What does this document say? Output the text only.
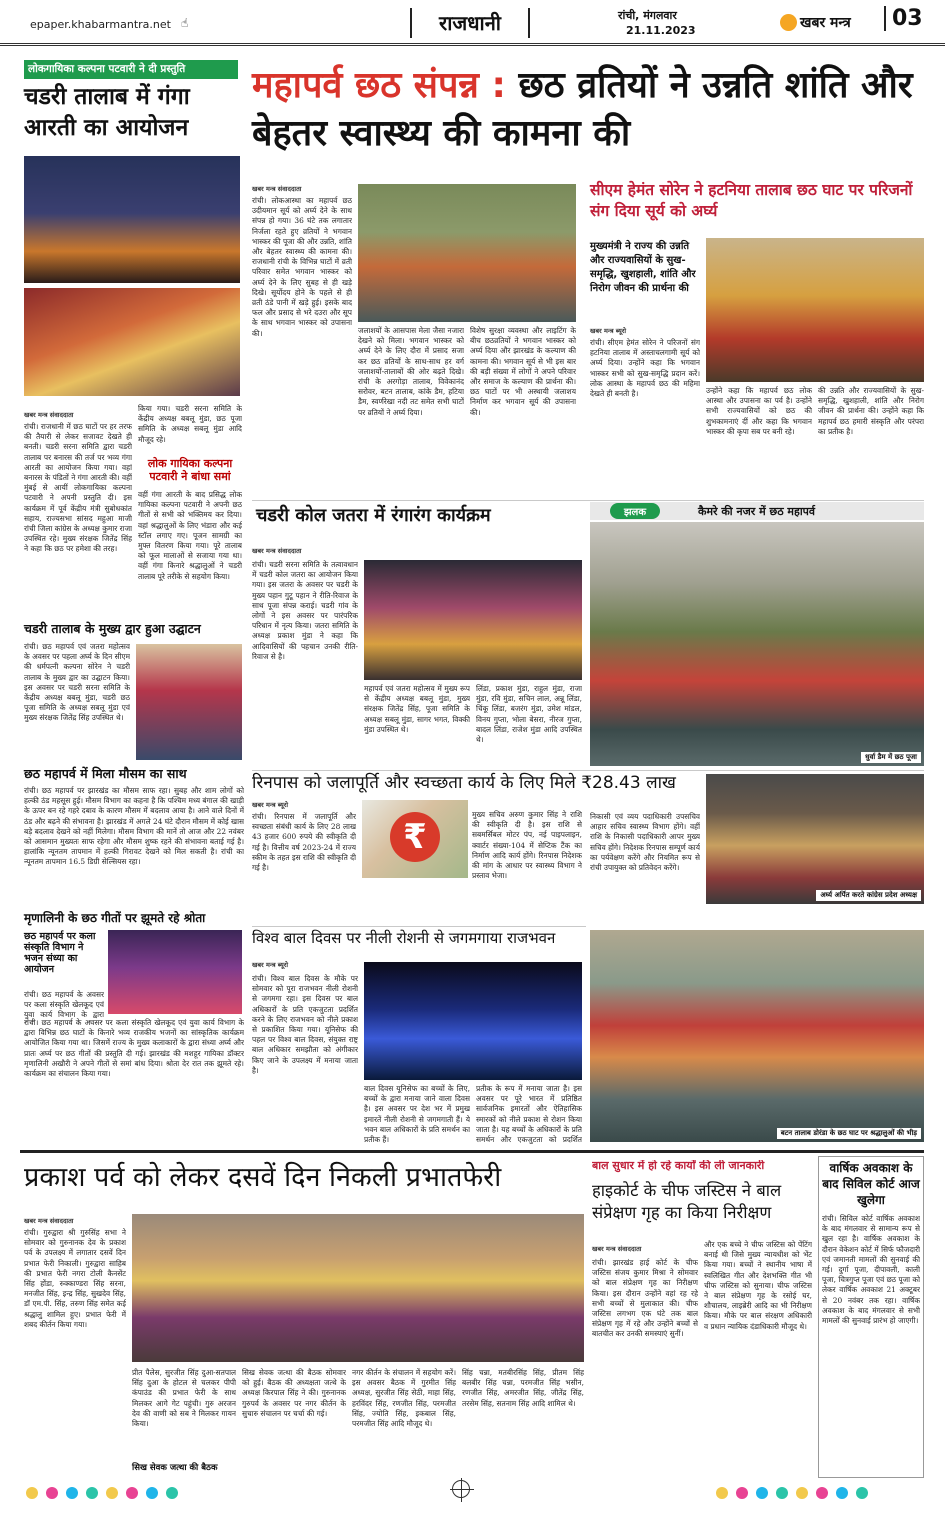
epaper.khabarmantra.net ☝	राजधानी	रांची, मंगलवार
21.11.2023	खबर मन्त्र	03
लोकगायिका कल्पना पटवारी ने दी प्रस्तुति
चडरी तालाब में गंगा आरती का आयोजन
खबर मन्त्र संवाददाता
रांची। राजधानी में छठ घाटों पर हर तरफ की तैयारी से लेकर सजावट देखते ही बनती। चडरी सरना समिति द्वारा चडरी तालाब पर बनारस की तर्ज पर भव्य गंगा आरती का आयोजन किया गया। वहां बनारस के पंडितों ने गंगा आरती की। वहीं मुंबई से आयीं लोकगायिका कल्पना पटवारी ने अपनी प्रस्तुति दी। इस कार्यक्रम में पूर्व केंद्रीय मंत्री सुबोधकांत सहाय, राज्यसभा सांसद महुआ माजी रांची जिला कांग्रेस के अध्यक्ष कुमार राजा उपस्थित रहे। मुख्य संरक्षक जितेंद्र सिंह ने कहा कि छठ पर हमेशा की तरह।
किया गया। चडरी सरना समिति के केंद्रीय अध्यक्ष बबलू मुंडा, छठ पूजा समिति के अध्यक्ष सबलू मुंडा आदि मौजूद रहे।
लोक गायिका कल्पना पटवारी ने बांधा समां
वहीं गंगा आरती के बाद प्रसिद्ध लोक गायिका कल्पना पटवारी ने अपनी छठ गीतों से सभी को भक्तिमय कर दिया। वहां श्रद्धालुओं के लिए भंडारा और कई स्टॉल लगाए गए। पूजन सामग्री का मुफ्त वितरण किया गया। पूरे तालाब को फूल मालाओं से सजाया गया था। वहीं गंगा किनारे श्रद्धालुओं ने चडरी तालाब पूरे तरीके से सहयोग किया।
चडरी तालाब के मुख्य द्वार हुआ उद्घाटन
रांची। छठ महापर्व एवं जतरा महोत्सव के अवसर पर पहला अर्घ्य के दिन सीएम की धर्मपत्नी कल्पना सोरेन ने चडरी तालाब के मुख्य द्वार का उद्घाटन किया। इस अवसर पर चडरी सरना समिति के केंद्रीय अध्यक्ष बबलू मुंडा, चडरी छठ पूजा समिति के अध्यक्ष सबलू मुंडा एवं मुख्य संरक्षक जितेंद्र सिंह उपस्थित थे।
छठ महापर्व में मिला मौसम का साथ
रांची। छठ महापर्व पर झारखंड का मौसम साफ रहा। सुबह और शाम लोगों को हल्की ठंड महसूस हुई। मौसम विभाग का कहना है कि पश्चिम मध्य बंगाल की खाड़ी के ऊपर बन रहे गहरे दबाव के कारण मौसम में बदलाव आया है। आने वाले दिनों में ठंड और बढ़ने की संभावना है। झारखंड में अगले 24 घंटे दौरान मौसम में कोई खास बड़े बदलाव देखने को नहीं मिलेगा। मौसम विभाग की मानें तो आज और 22 नवंबर को आसमान मुख्यतः साफ रहेगा और मौसम शुष्क रहने की संभावना बताई गई है। हालांकि न्यूनतम तापमान में हल्की गिरावट देखने को मिल सकती है। रांची का न्यूनतम तापमान 16.5 डिग्री सेल्सियस रहा।
मृणालिनी के छठ गीतों पर झूमते रहे श्रोता
छठ महापर्व पर कला संस्कृति विभाग ने भजन संध्या का आयोजन
रांची। छठ महापर्व के अवसर पर कला संस्कृति खेलकूद एवं युवा कार्य विभाग के द्वारा
रांची। छठ महापर्व के अवसर पर कला संस्कृति खेलकूद एवं युवा कार्य विभाग के द्वारा विभिन्न छठ घाटों के किनारे भव्य राजकीय भजनों का सांस्कृतिक कार्यक्रम आयोजित किया गया था। जिसमें राज्य के मुख्य कलाकारों के द्वारा संध्या अर्घ्य और प्रातः अर्घ्य पर छठ गीतों की प्रस्तुति दी गई। झारखंड की मशहूर गायिका डॉक्टर मृणालिनी अखौरी ने अपने गीतों से समां बांध दिया। श्रोता देर रात तक झूमते रहे। कार्यक्रम का संचालन किया गया।
महापर्व छठ संपन्न : छठ व्रतियों ने उन्नति शांति और बेहतर स्वास्थ्य की कामना की
खबर मन्त्र संवाददाता
रांची। लोकआस्था का महापर्व छठ उदीयमान सूर्य को अर्घ्य देने के साथ संपन्न हो गया। 36 घंटे तक लगातार निर्जला रहते हुए व्रतियों ने भगवान भास्कर की पूजा की और उन्नति, शांति और बेहतर स्वास्थ्य की कामना की। राजधानी रांची के विभिन्न घाटों में व्रती परिवार समेत भगवान भास्कर को अर्घ्य देने के लिए सुबह से ही खड़े दिखे। सूर्योदय होने के पहले से ही व्रती ठंडे पानी में खड़े हुई। इसके बाद फल और प्रसाद से भरे दउरा और सूप के साथ भगवान भास्कर को उपासना की।	जलाशयों के आसपास मेला जैसा नजारा देखने को मिला। भगवान भास्कर को अर्घ्य देने के लिए दौरा में प्रसाद सजा कर छठ व्रतियों के साथ-साथ हर वर्ग जलाशयों-तालाबों की ओर बढ़ते दिखे। रांची के अरगोड़ा तालाब, विवेकानंद सरोवर, बटन तालाब, कांके डैम, हटिया डैम, स्वर्णरेखा नदी तट समेत सभी घाटों पर व्रतियों ने अर्घ्य दिया।
विशेष सुरक्षा व्यवस्था और लाइटिंग के बीच छठव्रतियों ने भगवान भास्कर को अर्घ्य दिया और झारखंड के कल्याण की कामना की। भगवान सूर्य से भी इस बार की बड़ी संख्या में लोगों ने अपने परिवार और समाज के कल्याण की प्रार्थना की। छठ घाटों पर भी अस्थायी जलाशय निर्माण कर भगवान सूर्य की उपासना की।
सीएम हेमंत सोरेन ने हटनिया तालाब छठ घाट पर परिजनों संग दिया सूर्य को अर्घ्य
मुख्यमंत्री ने राज्य की उन्नति और राज्यवासियों के सुख-समृद्धि, खुशहाली, शांति और निरोग जीवन की प्रार्थना की
खबर मन्त्र ब्यूरो
रांची। सीएम हेमंत सोरेन ने परिजनों संग हटनिया तालाब में अस्ताचलगामी सूर्य को अर्घ्य दिया। उन्होंने कहा कि भगवान भास्कर सभी को सुख-समृद्धि प्रदान करें। लोक आस्था के महापर्व छठ की महिमा देखते ही बनती है।	उन्होंने कहा कि महापर्व छठ लोक आस्था और उपासना का पर्व है। उन्होंने सभी राज्यवासियों को छठ की शुभकामनाएं दीं और कहा कि भगवान भास्कर की कृपा सब पर बनी रहे।
की उन्नति और राज्यवासियों के सुख-समृद्धि, खुशहाली, शांति और निरोग जीवन की प्रार्थना की। उन्होंने कहा कि महापर्व छठ हमारी संस्कृति और परंपरा का प्रतीक है।
चडरी कोल जतरा में रंगारंग कार्यक्रम
खबर मन्त्र संवाददाता
रांची। चडरी सरना समिति के तत्वावधान में चडरी कोल जतरा का आयोजन किया गया। इस जतरा के अवसर पर चडरी के मुख्य पहान गुटू पहान ने रीति-रिवाज के साथ पूजा संपन्न कराई। चडरी गांव के लोगों ने इस अवसर पर पारंपरिक परिधान में नृत्य किया। जतरा समिति के अध्यक्ष प्रकाश मुंडा ने कहा कि आदिवासियों की पहचान उनकी रीति-रिवाज से है।
महापर्व एवं जतरा महोत्सव में मुख्य रूप से केंद्रीय अध्यक्ष बबलू मुंडा, मुख्य संरक्षक जितेंद्र सिंह, पूजा समिति के अध्यक्ष सबलू मुंडा, सागर भगत, विक्की मुंडा उपस्थित थे।
लिंडा, प्रकाश मुंडा, राहुल मुंडा, राजा मुंडा, रवि मुंडा, सचिन लाल, अन्नू लिंडा, चिंकू लिंडा, बजरंग मुंडा, उमेश मांडल, विनय गुप्ता, भोला बेसरा, नीरज गुप्ता, बादल लिंडा, राजेश मुंडा आदि उपस्थित थे।
झलक	कैमरे की नजर में छठ महापर्व
धुर्वा डैम में छठ पूजा
रिनपास को जलापूर्ति और स्वच्छता कार्य के लिए मिले ₹28.43 लाख
खबर मन्त्र ब्यूरो
रांची। रिनपास में जलापूर्ति और स्वच्छता संबंधी कार्य के लिए 28 लाख 43 हजार 600 रुपये की स्वीकृति दी गई है। वित्तीय वर्ष 2023-24 में राज्य स्कीम के तहत इस राशि की स्वीकृति दी गई है।
₹
मुख्य सचिव अरुण कुमार सिंह ने राशि की स्वीकृति दी है। इस राशि से सबमर्सिबल मोटर पंप, नई पाइपलाइन, क्वार्टर संख्या-104 में सेप्टिक टैंक का निर्माण आदि कार्य होंगे। रिनपास निदेशक की मांग के आधार पर स्वास्थ्य विभाग ने प्रस्ताव भेजा।
निकासी एवं व्यय पदाधिकारी उपसचिव आहार सचिव स्वास्थ्य विभाग होंगे। वहीं राशि के निकासी पदाधिकारी आपर मुख्य सचिव होंगे। निदेशक रिनपास सम्पूर्ण कार्य का पर्यवेक्षण करेंगे और नियमित रूप से रांची उपायुक्त को प्रतिवेदन करेंगे।
अर्घ्य अर्पित करते कांग्रेस प्रदेश अध्यक्ष
विश्व बाल दिवस पर नीली रोशनी से जगमगाया राजभवन
खबर मन्त्र ब्यूरो
रांची। विश्व बाल दिवस के मौके पर सोमवार को पूरा राजभवन नीली रोशनी से जगमगा रहा। इस दिवस पर बाल अधिकारों के प्रति एकजुटता प्रदर्शित करने के लिए राजभवन को नीले प्रकाश से प्रकाशित किया गया। यूनिसेफ की पहल पर विश्व बाल दिवस, संयुक्त राष्ट्र बाल अधिकार समझौता को अंगीकार किए जाने के उपलक्ष्य में मनाया जाता है।
बाल दिवस यूनिसेफ का बच्चों के लिए, बच्चों के द्वारा मनाया जाने वाला दिवस है। इस अवसर पर देश भर में प्रमुख इमारतें नीली रोशनी से जगमगाती हैं। ये भवन बाल अधिकारों के प्रति समर्थन का प्रतीक हैं।
प्रतीक के रूप में मनाया जाता है। इस अवसर पर पूरे भारत में प्रतिष्ठित सार्वजनिक इमारतों और ऐतिहासिक स्मारकों को नीले प्रकाश से रोशन किया जाता है। यह बच्चों के अधिकारों के प्रति समर्थन और एकजुटता को प्रदर्शित
बटन तालाब डोरंडा के छठ घाट पर श्रद्धालुओं की भीड़
प्रकाश पर्व को लेकर दसवें दिन निकली प्रभातफेरी
खबर मन्त्र संवाददाता
रांची। गुरुद्वारा श्री गुरुसिंह सभा ने सोमवार को गुरुनानक देव के प्रकाश पर्व के उपलक्ष्य में लगातार दसवें दिन प्रभात फेरी निकाली। गुरुद्वारा साहिब की प्रभात फेरी नगरा टोली कैनसेंट सिंह होंडा, रुक्काण्डरा सिंह सरना, मनजीत सिंह, इन्द्र सिंह, सुखदेव सिंह, डॉ एम.पी. सिंह, तरुण सिंह समेत कई श्रद्धालु शामिल हुए। प्रभात फेरी में शबद कीर्तन किया गया।
प्रीत पैलेस, सुरजीत सिंह दुआ-सतपाल सिंह दुआ के होटल से चलकर पीपी कंपाउंड की प्रभात फेरी के साथ मिलकर आगे गेट पहुंची। गुरु अरजन देव की वाणी को सब ने मिलकर गायन किया।
सिख सेवक जत्था की बैठक सोमवार को हुई। बैठक की अध्यक्षता जत्थे के अध्यक्ष किरपाल सिंह ने की। गुरुनानक गुरुपर्व के अवसर पर नगर कीर्तन के सुचारु संचालन पर चर्चा की गई।
नगर कीर्तन के संचालन में सहयोग करें। इस अवसर बैठक में गुरमीत सिंह अध्यक्ष, सुरजीत सिंह सेठी, माहा सिंह, हरविंदर सिंह, रणजीत सिंह, परमजीत सिंह, ज्योति सिंह, इकबाल सिंह, परमजीत सिंह आदि मौजूद थे।
सिंह चन्ना, मतबीरसिंह सिंह, प्रीतम सिंह बलबीर सिंह चन्ना, परमजीत सिंह भसीन, रणजीत सिंह, अमरजीत सिंह, जीतेंद्र सिंह, तरसेम सिंह, सतनाम सिंह आदि शामिल थे।
सिख सेवक जत्था की बैठक
बाल सुधार में हो रहे कार्यों की ली जानकारी
हाइकोर्ट के चीफ जस्टिस ने बाल संप्रेक्षण गृह का किया निरीक्षण
खबर मन्त्र संवाददाता
रांची। झारखंड हाई कोर्ट के चीफ जस्टिस संजय कुमार मिश्रा ने सोमवार को बाल संप्रेक्षण गृह का निरीक्षण किया। इस दौरान उन्होंने वहां रह रहे सभी बच्चों से मुलाकात की। चीफ जस्टिस लगभग एक घंटे तक बाल संप्रेक्षण गृह में रहे और उन्होंने बच्चों से बातचीत कर उनकी समस्याएं सुनीं।
और एक बच्चे ने चीफ जस्टिस को पेंटिंग बनाई थी जिसे मुख्य न्यायधीश को भेंट किया गया। बच्चों ने स्थानीय भाषा में स्वलिखित गीत और देशभक्ति गीत भी चीफ जस्टिस को सुनाया। चीफ जस्टिस ने बाल संप्रेक्षण गृह के रसोई घर, शौचालय, लाइब्रेरी आदि का भी निरीक्षण किया। मौके पर बाल संरक्षण अधिकारी व प्रधान न्यायिक दंडाधिकारी मौजूद थे।
वार्षिक अवकाश के बाद सिविल कोर्ट आज खुलेगा
रांची। सिविल कोर्ट वार्षिक अवकाश के बाद मंगलवार से सामान्य रूप से खुल रहा है। वार्षिक अवकाश के दौरान वेकेशन कोर्ट में सिर्फ फौजदारी एवं जमानती मामलों की सुनवाई की गई। दुर्गा पूजा, दीपावली, काली पूजा, चित्रगुप्त पूजा एवं छठ पूजा को लेकर वार्षिक अवकाश 21 अक्टूबर से 20 नवंबर तक रहा। वार्षिक अवकाश के बाद मंगलवार से सभी मामलों की सुनवाई प्रारंभ हो जाएगी।
